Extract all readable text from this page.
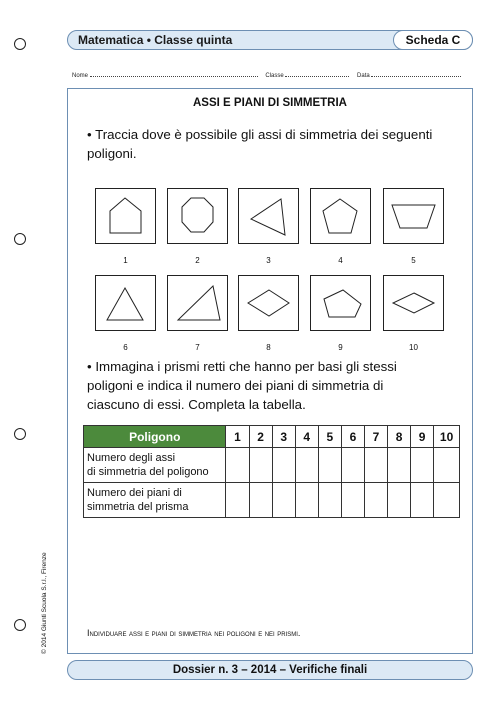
Matematica • Classe quinta	Scheda C
Nome	Classe	Data
ASSI E PIANI DI SIMMETRIA
• Traccia dove è possibile gli assi di simmetria dei seguenti
poligoni.
1	2	3	4	5
6	7	8	9	10
• Immagina i prismi retti che hanno per basi gli stessi
poligoni e indica il numero dei piani di simmetria di
ciascuno di essi. Completa la tabella.
Poligono	1	2	3	4	5	6	7	8	9	10
Numero degli assi
di simmetria del poligono										
Numero dei piani di
simmetria del prisma										
Individuare assi e piani di simmetria nei poligoni e nei prismi.
© 2014 Giunti Scuola S.r.l., Firenze
Dossier n. 3 – 2014 – Verifiche finali
